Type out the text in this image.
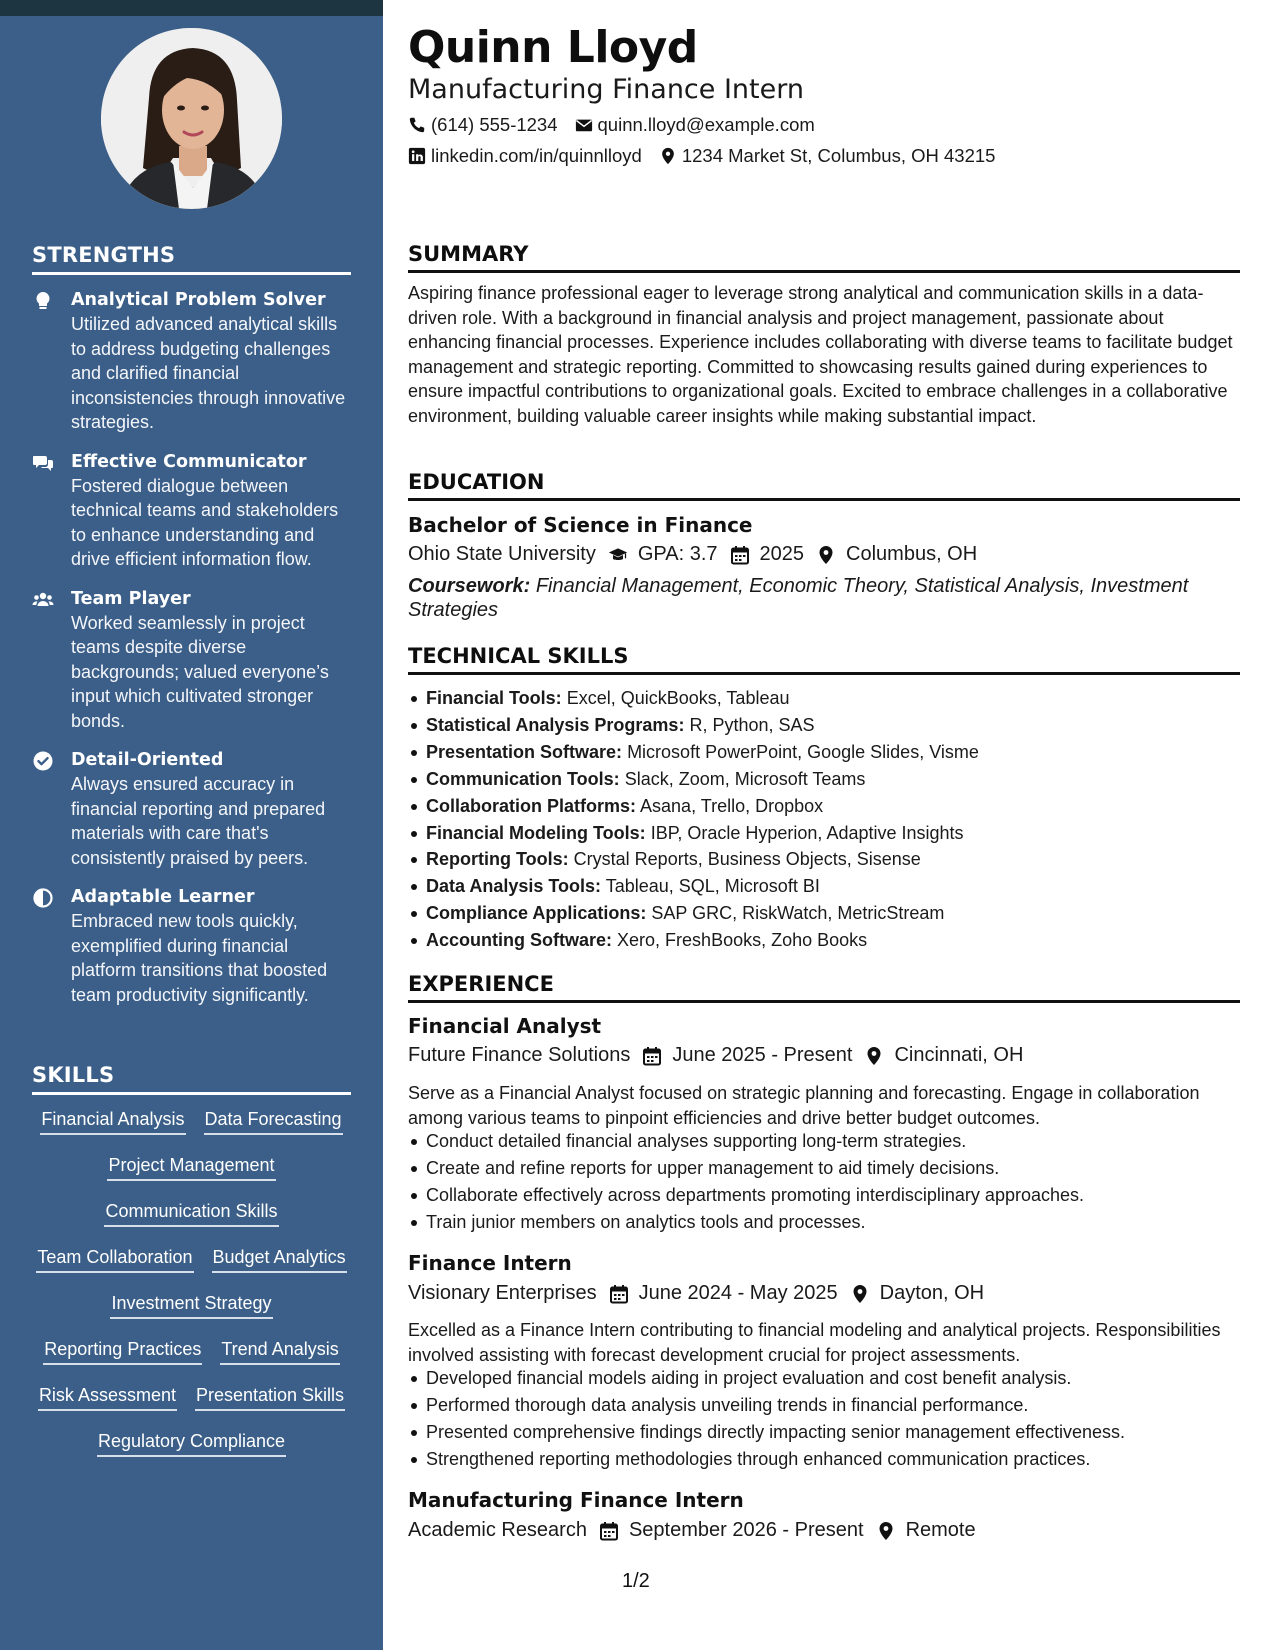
STRENGTHS
Analytical Problem Solver
Utilized advanced analytical skills to address budgeting challenges and clarified financial inconsistencies through innovative strategies.
Effective Communicator
Fostered dialogue between technical teams and stakeholders to enhance understanding and drive efficient information flow.
Team Player
Worked seamlessly in project teams despite diverse backgrounds; valued everyone’s input which cultivated stronger bonds.
Detail-Oriented
Always ensured accuracy in financial reporting and prepared materials with care that's consistently praised by peers.
Adaptable Learner
Embraced new tools quickly, exemplified during financial platform transitions that boosted team productivity significantly.
SKILLS
Financial Analysis Data Forecasting
Project Management
Communication Skills
Team Collaboration Budget Analytics
Investment Strategy
Reporting Practices Trend Analysis
Risk Assessment Presentation Skills
Regulatory Compliance
Quinn Lloyd
Manufacturing Finance Intern
(614) 555-1234 quinn.lloyd@example.com
linkedin.com/in/quinnlloyd 1234 Market St, Columbus, OH 43215
SUMMARY

Aspiring finance professional eager to leverage strong analytical and communication skills in a data-driven role. With a background in financial analysis and project management, passionate about enhancing financial processes. Experience includes collaborating with diverse teams to facilitate budget management and strategic reporting. Committed to showcasing results gained during experiences to ensure impactful contributions to organizational goals. Excited to embrace challenges in a collaborative environment, building valuable career insights while making substantial impact.

EDUCATION
Bachelor of Science in Finance
Ohio State University GPA: 3.7 2025 Columbus, OH
Coursework: Financial Management, Economic Theory, Statistical Analysis, Investment Strategies
TECHNICAL SKILLS
Financial Tools: Excel, QuickBooks, Tableau
Statistical Analysis Programs: R, Python, SAS
Presentation Software: Microsoft PowerPoint, Google Slides, Visme
Communication Tools: Slack, Zoom, Microsoft Teams
Collaboration Platforms: Asana, Trello, Dropbox
Financial Modeling Tools: IBP, Oracle Hyperion, Adaptive Insights
Reporting Tools: Crystal Reports, Business Objects, Sisense
Data Analysis Tools: Tableau, SQL, Microsoft BI
Compliance Applications: SAP GRC, RiskWatch, MetricStream
Accounting Software: Xero, FreshBooks, Zoho Books
EXPERIENCE
Financial Analyst
Future Finance Solutions June 2025 - Present Cincinnati, OH

Serve as a Financial Analyst focused on strategic planning and forecasting. Engage in collaboration among various teams to pinpoint efficiencies and drive better budget outcomes.

Conduct detailed financial analyses supporting long-term strategies.
Create and refine reports for upper management to aid timely decisions.
Collaborate effectively across departments promoting interdisciplinary approaches.
Train junior members on analytics tools and processes.
Finance Intern
Visionary Enterprises June 2024 - May 2025 Dayton, OH

Excelled as a Finance Intern contributing to financial modeling and analytical projects. Responsibilities involved assisting with forecast development crucial for project assessments.

Developed financial models aiding in project evaluation and cost benefit analysis.
Performed thorough data analysis unveiling trends in financial performance.
Presented comprehensive findings directly impacting senior management effectiveness.
Strengthened reporting methodologies through enhanced communication practices.
Manufacturing Finance Intern
Academic Research September 2026 - Present Remote
1/2
